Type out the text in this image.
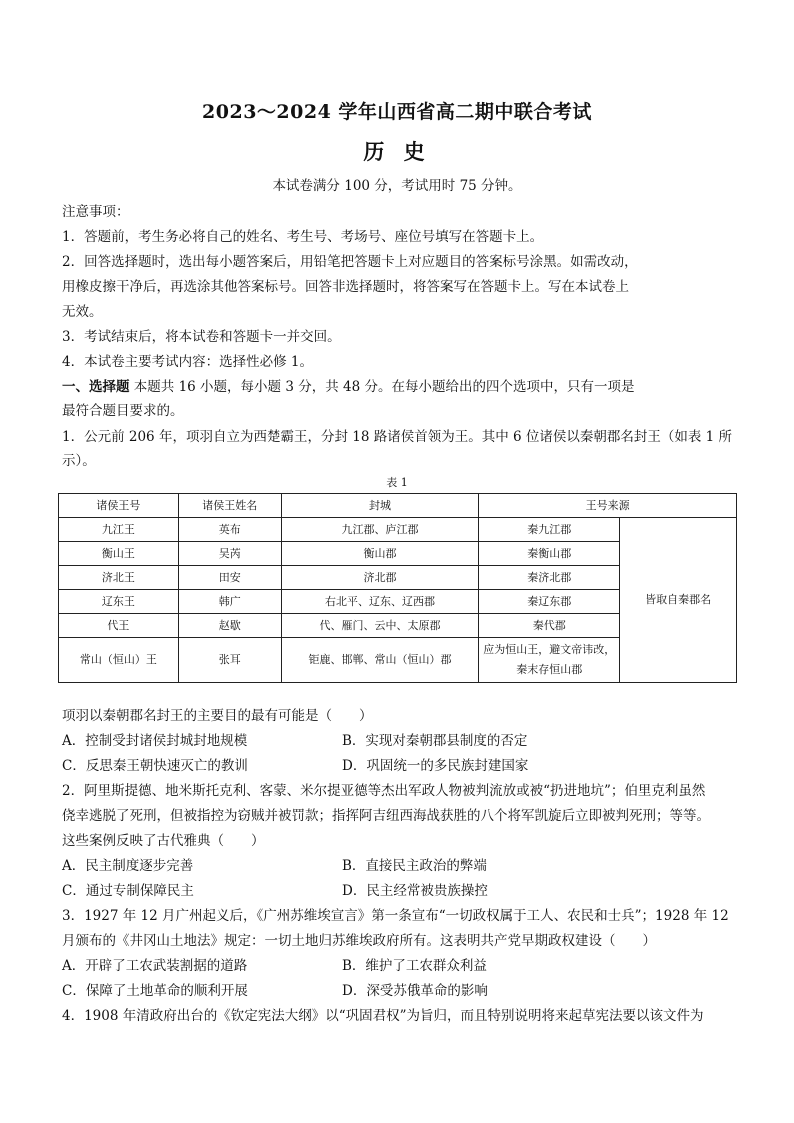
2023～2024 学年山西省高二期中联合考试
历 史
本试卷满分 100 分，考试用时 75 分钟。
注意事项：
1．答题前，考生务必将自己的姓名、考生号、考场号、座位号填写在答题卡上。
2．回答选择题时，选出每小题答案后，用铅笔把答题卡上对应题目的答案标号涂黑。如需改动，
用橡皮擦干净后，再选涂其他答案标号。回答非选择题时，将答案写在答题卡上。写在本试卷上
无效。
3．考试结束后，将本试卷和答题卡一并交回。
4．本试卷主要考试内容：选择性必修 1。
一、选择题 本题共 16 小题，每小题 3 分，共 48 分。在每小题给出的四个选项中，只有一项是
最符合题目要求的。
1．公元前 206 年，项羽自立为西楚霸王，分封 18 路诸侯首领为王。其中 6 位诸侯以秦朝郡名封王（如表 1 所
示）。
表 1
诸侯王号	诸侯王姓名	封城	王号来源	
九江王	英布	九江郡、庐江郡	秦九江郡	皆取自秦郡名
衡山王	吴芮	衡山郡	秦衡山郡	
济北王	田安	济北郡	秦济北郡	
辽东王	韩广	右北平、辽东、辽西郡	秦辽东郡	
代王	赵歇	代、雁门、云中、太原郡	秦代郡	
常山（恒山）王	张耳	钜鹿、邯郸、常山（恒山）郡	应为恒山王，避文帝讳改，秦末存恒山郡	
项羽以秦朝郡名封王的主要目的最有可能是（　　）
A．控制受封诸侯封城封地规模	B．实现对秦朝郡县制度的否定
C．反思秦王朝快速灭亡的教训	D．巩固统一的多民族封建国家
2．阿里斯提德、地米斯托克利、客蒙、米尔提亚德等杰出军政人物被判流放或被“扔进地坑”；伯里克利虽然
侥幸逃脱了死刑，但被指控为窃贼并被罚款；指挥阿吉纽西海战获胜的八个将军凯旋后立即被判死刑；等等。
这些案例反映了古代雅典（　　）
A．民主制度逐步完善	B．直接民主政治的弊端
C．通过专制保障民主	D．民主经常被贵族操控
3．1927 年 12 月广州起义后，《广州苏维埃宣言》第一条宣布“一切政权属于工人、农民和士兵”；1928 年 12
月颁布的《井冈山土地法》规定：一切土地归苏维埃政府所有。这表明共产党早期政权建设（　　）
A．开辟了工农武装割据的道路	B．维护了工农群众利益
C．保障了土地革命的顺利开展	D．深受苏俄革命的影响
4．1908 年清政府出台的《钦定宪法大纲》以“巩固君权”为旨归，而且特别说明将来起草宪法要以该文件为
